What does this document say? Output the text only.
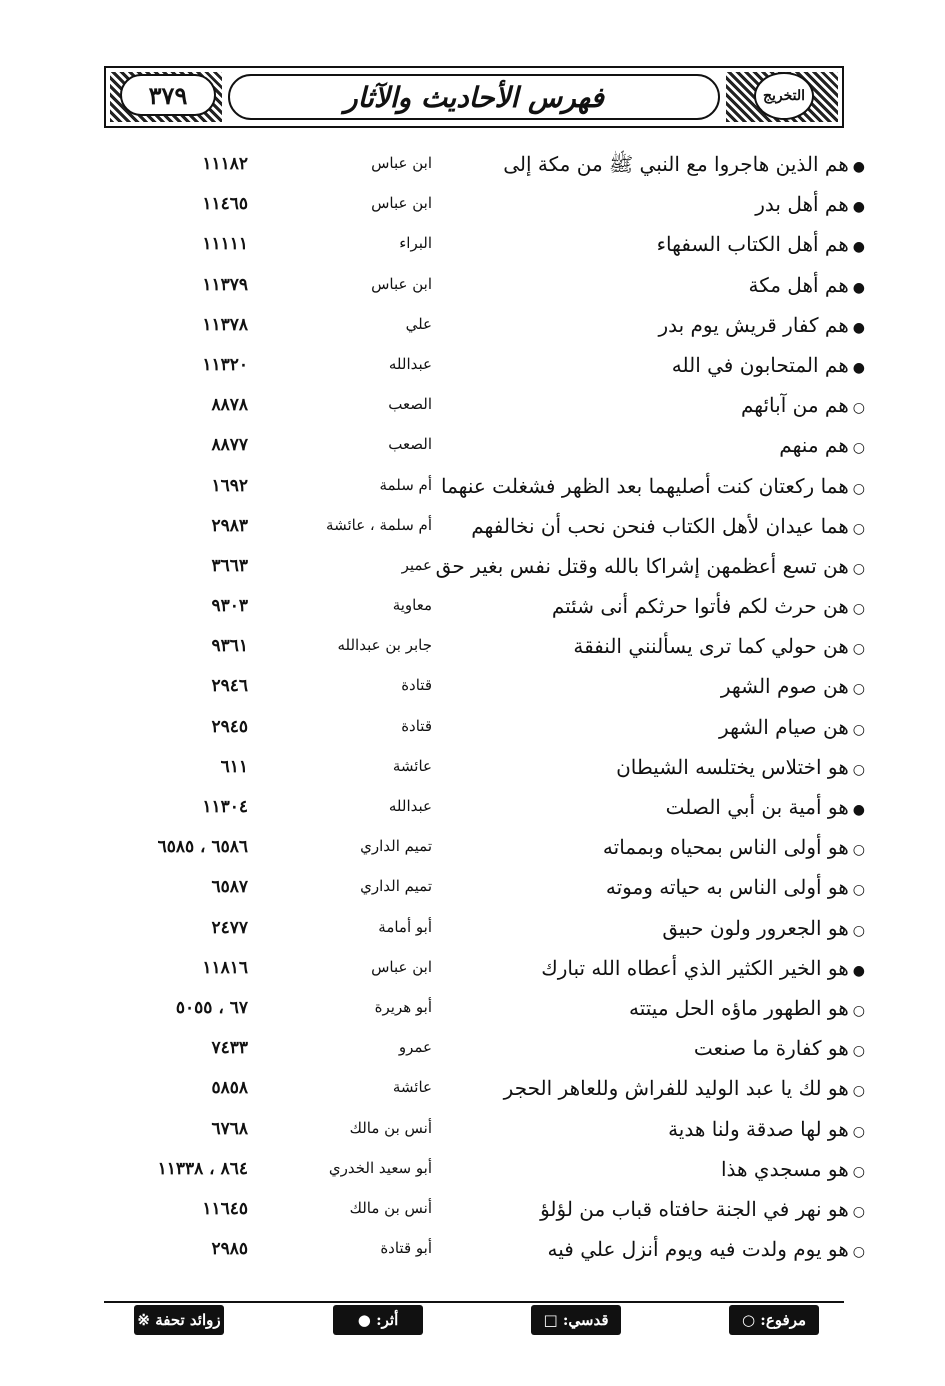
٣٧٩	التخريج
فهرس الأحاديث والآثار
●هم الذين هاجروا مع النبي ﷺ من مكة إلى
ابن عباس
١١١٨٢
●هم أهل بدر
ابن عباس
١١٤٦٥
●هم أهل الكتاب السفهاء
البراء
١١١١١
●هم أهل مكة
ابن عباس
١١٣٧٩
●هم كفار قريش يوم بدر
علي
١١٣٧٨
●هم المتحابون في الله
عبدالله
١١٣٢٠
○هم من آبائهم
الصعب
٨٨٧٨
○هم منهم
الصعب
٨٨٧٧
○هما ركعتان كنت أصليهما بعد الظهر فشغلت عنهما
أم سلمة
١٦٩٢
○هما عيدان لأهل الكتاب فنحن نحب أن نخالفهم
أم سلمة ، عائشة
٢٩٨٣
○هن تسع أعظمهن إشراكا بالله وقتل نفس بغير حق
عمير
٣٦٦٣
○هن حرث لكم فأتوا حرثكم أنى شئتم
معاوية
٩٣٠٣
○هن حولي كما ترى يسألنني النفقة
جابر بن عبدالله
٩٣٦١
○هن صوم الشهر
قتادة
٢٩٤٦
○هن صيام الشهر
قتادة
٢٩٤٥
○هو اختلاس يختلسه الشيطان
عائشة
٦١١
●هو أمية بن أبي الصلت
عبدالله
١١٣٠٤
○هو أولى الناس بمحياه وبمماته
تميم الداري
٦٥٨٦ ، ٦٥٨٥
○هو أولى الناس به حياته وموته
تميم الداري
٦٥٨٧
○هو الجعرور ولون حبيق
أبو أمامة
٢٤٧٧
●هو الخير الكثير الذي أعطاه الله تبارك
ابن عباس
١١٨١٦
○هو الطهور ماؤه الحل ميتته
أبو هريرة
٦٧ ، ٥٠٥٥
○هو كفارة ما صنعت
عمرو
٧٤٣٣
○هو لك يا عبد الوليد للفراش وللعاهر الحجر
عائشة
٥٨٥٨
○هو لها صدقة ولنا هدية
أنس بن مالك
٦٧٦٨
○هو مسجدي هذا
أبو سعيد الخدري
٨٦٤ ، ١١٣٣٨
○هو نهر في الجنة حافتاه قباب من لؤلؤ
أنس بن مالك
١١٦٤٥
○هو يوم ولدت فيه ويوم أنزل علي فيه
أبو قتادة
٢٩٨٥
زوائد تحفة ※	أثر: ●	قدسي: □	مرفوع: ○
